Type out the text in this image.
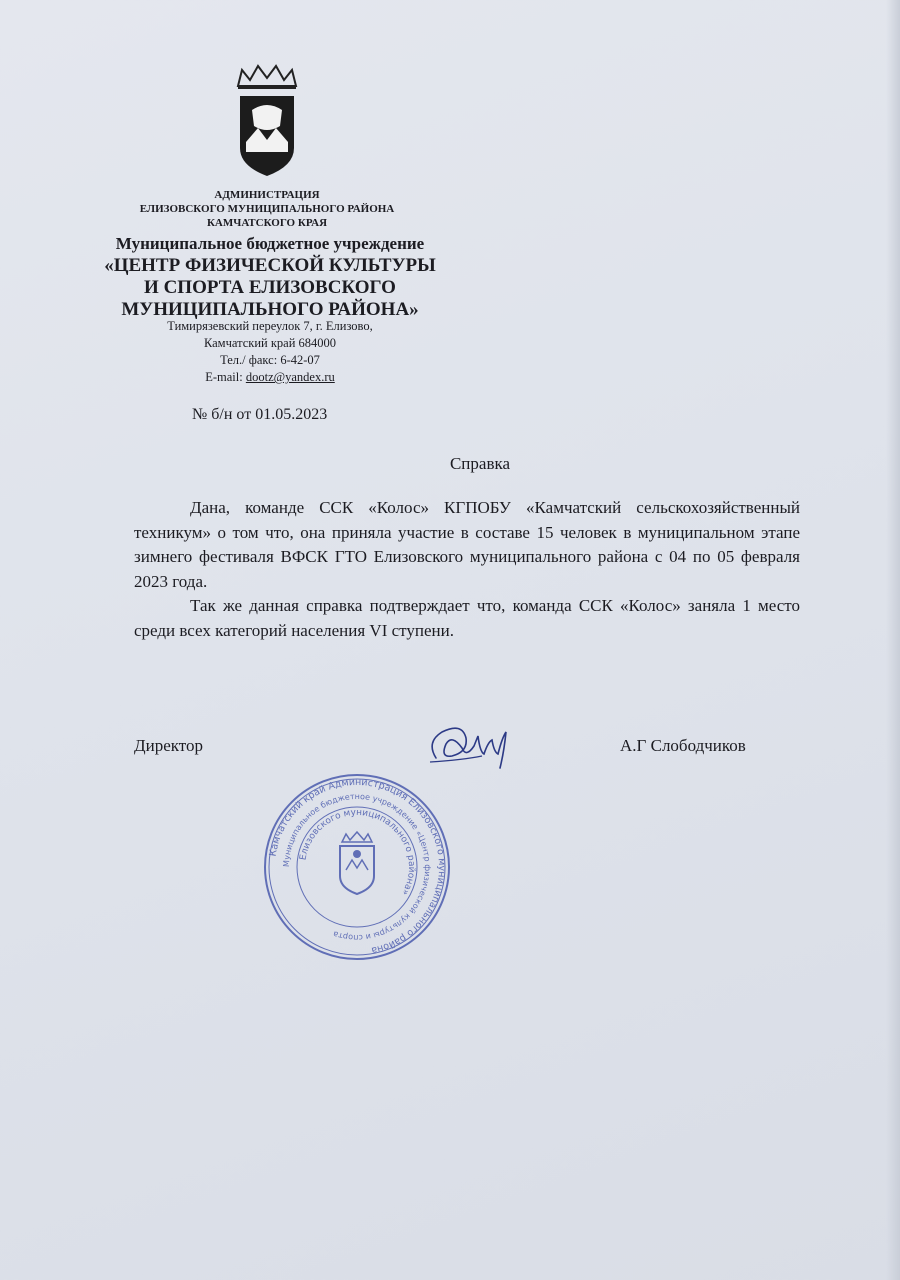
АДМИНИСТРАЦИЯ
ЕЛИЗОВСКОГО МУНИЦИПАЛЬНОГО РАЙОНА
КАМЧАТСКОГО КРАЯ
Муниципальное бюджетное учреждение
«ЦЕНТР ФИЗИЧЕСКОЙ КУЛЬТУРЫ
И СПОРТА ЕЛИЗОВСКОГО
МУНИЦИПАЛЬНОГО РАЙОНА»
Тимирязевский переулок 7, г. Елизово,
Камчатский край 684000
Тел./ факс: 6-42-07
E-mail: dootz@yandex.ru
№ б/н от 01.05.2023
Справка

Дана, команде ССК «Колос» КГПОБУ «Камчатский сельскохозяйственный техникум» о том что, она приняла участие в составе 15 человек в муниципальном этапе зимнего фестиваля ВФСК ГТО Елизовского муниципального района с 04 по 05 февраля 2023 года.

Так же данная справка подтверждает что, команда ССК «Колос» заняла 1 место среди всех категорий населения VI ступени.

Директор	А.Г Слободчиков
Камчатский край Администрация Елизовского муниципального района
Муниципальное бюджетное учреждение «Центр физической культуры и спорта
Елизовского муниципального района»
